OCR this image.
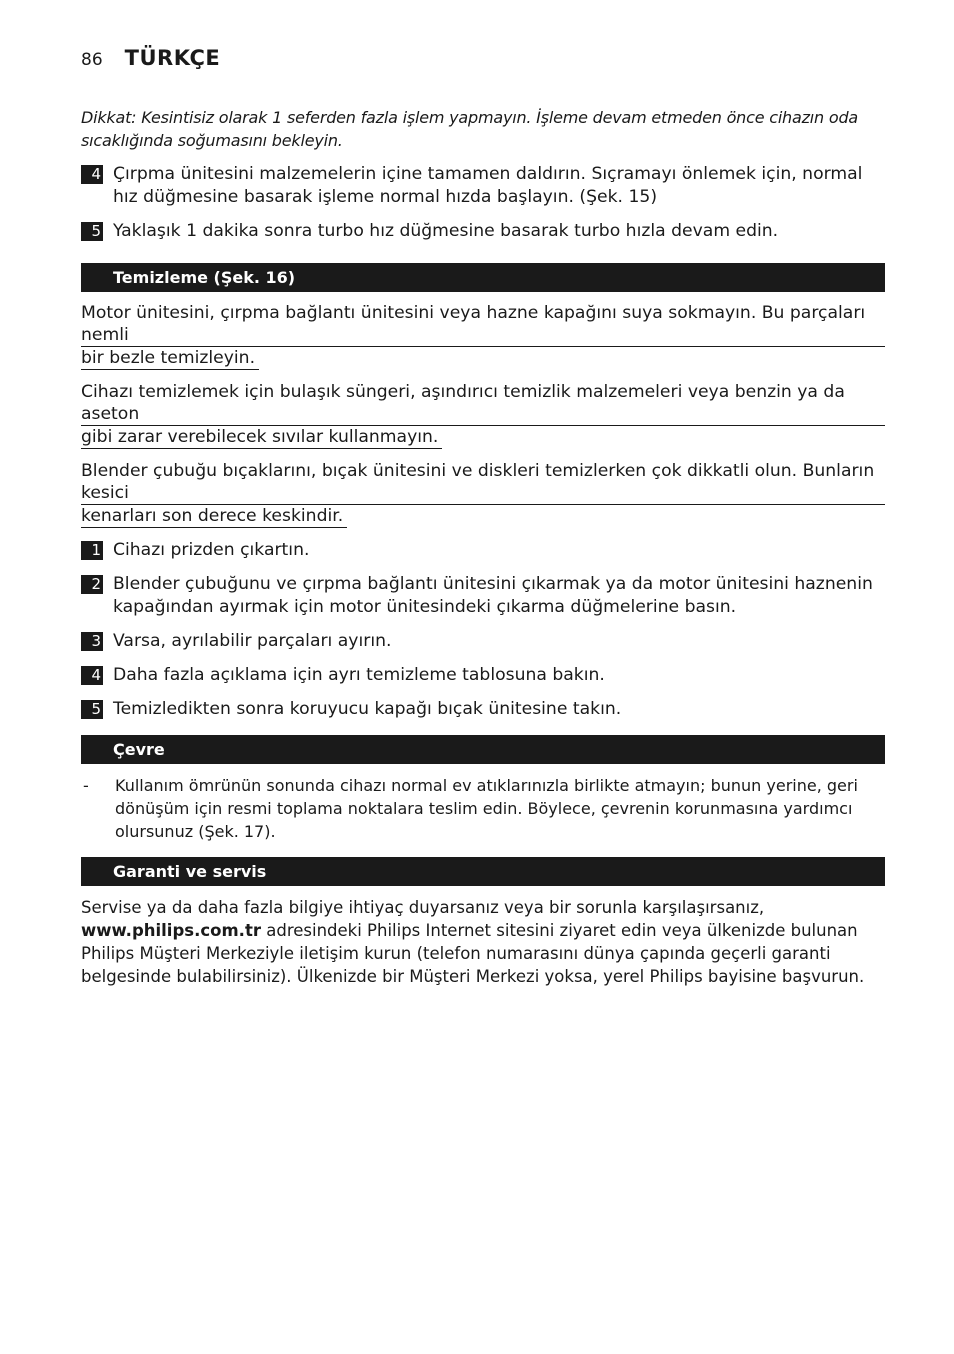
86 TÜRKÇE
Dikkat: Kesintisiz olarak 1 seferden fazla işlem yapmayın. İşleme devam etmeden önce cihazın oda sıcaklığında soğumasını bekleyin.
4 Çırpma ünitesini malzemelerin içine tamamen daldırın. Sıçramayı önlemek için, normal hız düğmesine basarak işleme normal hızda başlayın. (Şek. 15)
5 Yaklaşık 1 dakika sonra turbo hız düğmesine basarak turbo hızla devam edin.
Temizleme (Şek. 16)
Motor ünitesini, çırpma bağlantı ünitesini veya hazne kapağını suya sokmayın. Bu parçaları nemli
bir bezle temizleyin.
Cihazı temizlemek için bulaşık süngeri, aşındırıcı temizlik malzemeleri veya benzin ya da aseton
gibi zarar verebilecek sıvılar kullanmayın.
Blender çubuğu bıçaklarını, bıçak ünitesini ve diskleri temizlerken çok dikkatli olun. Bunların kesici
kenarları son derece keskindir.
1 Cihazı prizden çıkartın.
2 Blender çubuğunu ve çırpma bağlantı ünitesini çıkarmak ya da motor ünitesini haznenin kapağından ayırmak için motor ünitesindeki çıkarma düğmelerine basın.
3 Varsa, ayrılabilir parçaları ayırın.
4 Daha fazla açıklama için ayrı temizleme tablosuna bakın.
5 Temizledikten sonra koruyucu kapağı bıçak ünitesine takın.
Çevre
-	Kullanım ömrünün sonunda cihazı normal ev atıklarınızla birlikte atmayın; bunun yerine, geri dönüşüm için resmi toplama noktalara teslim edin. Böylece, çevrenin korunmasına yardımcı olursunuz (Şek. 17).
Garanti ve servis
Servise ya da daha fazla bilgiye ihtiyaç duyarsanız veya bir sorunla karşılaşırsanız, www.philips.com.tr adresindeki Philips Internet sitesini ziyaret edin veya ülkenizde bulunan Philips Müşteri Merkeziyle iletişim kurun (telefon numarasını dünya çapında geçerli garanti belgesinde bulabilirsiniz). Ülkenizde bir Müşteri Merkezi yoksa, yerel Philips bayisine başvurun.
